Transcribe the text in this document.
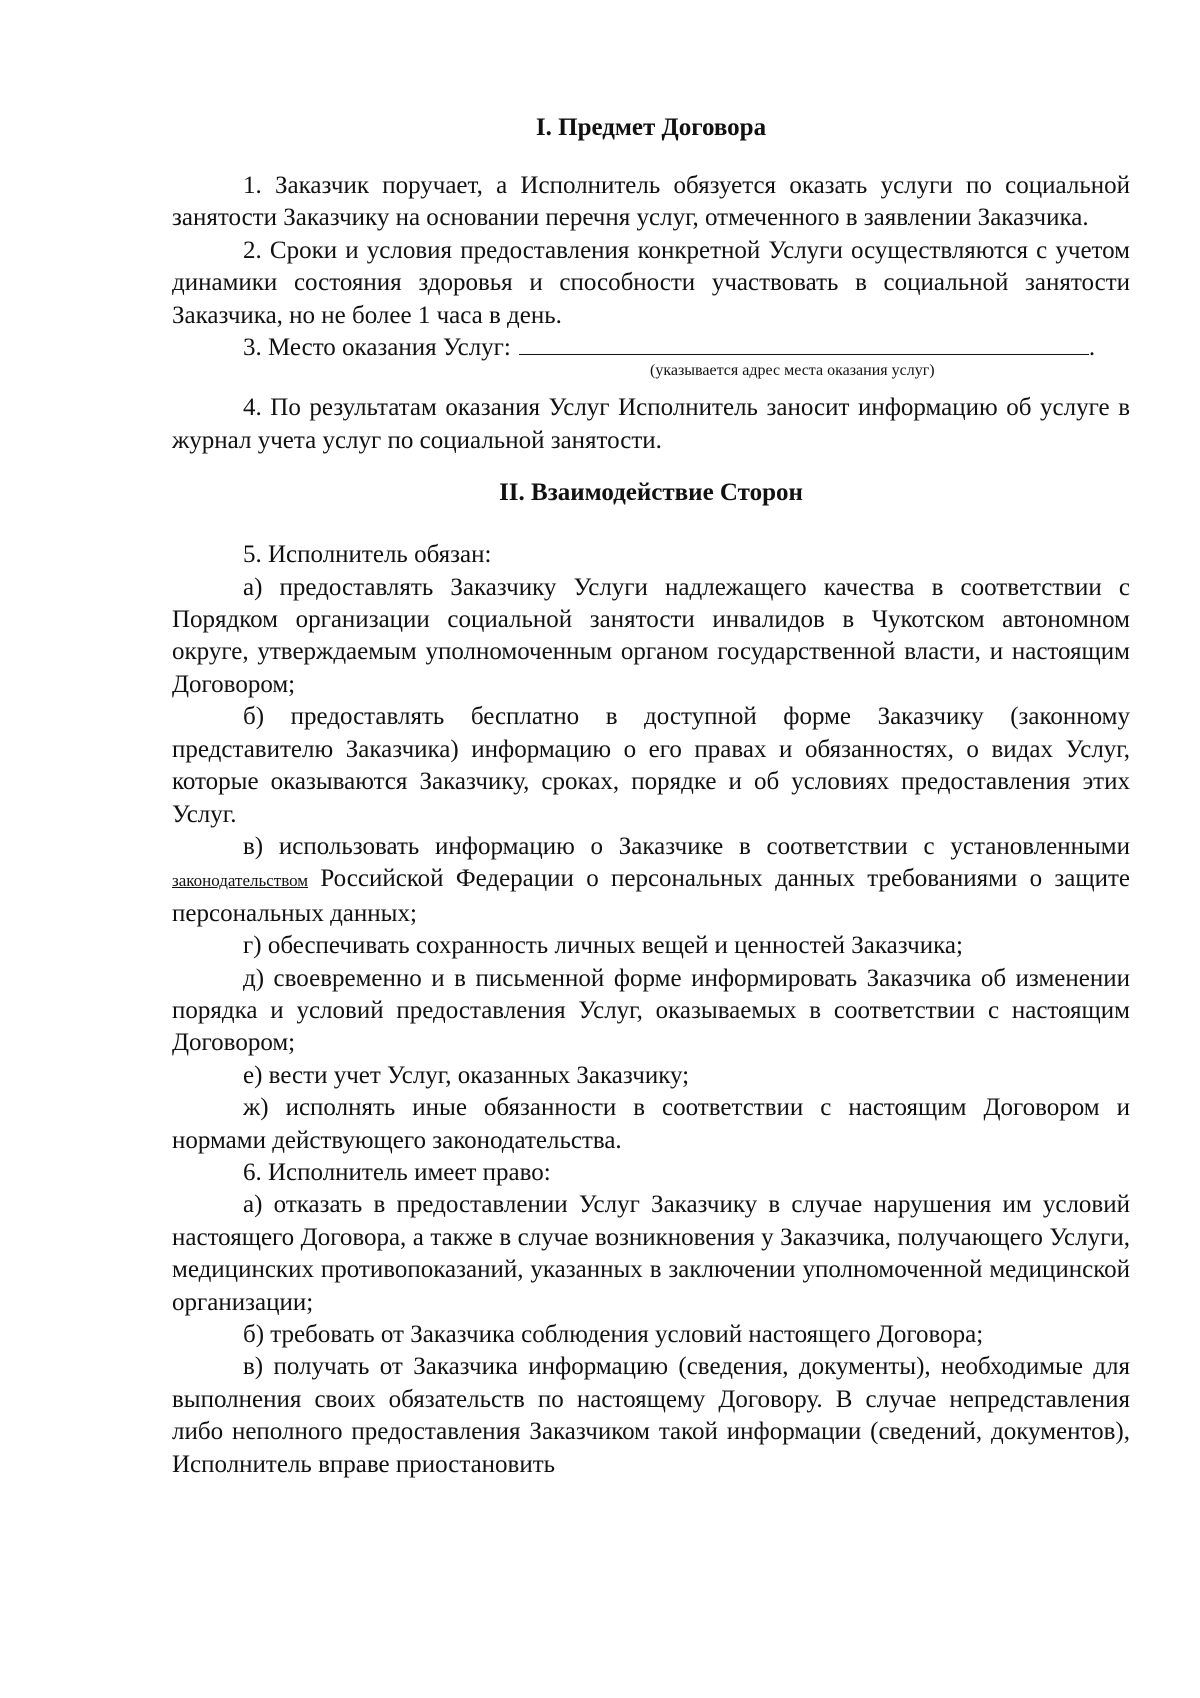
I. Предмет Договора

1. Заказчик поручает, а Исполнитель обязуется оказать услуги по социальной занятости Заказчику на основании перечня услуг, отмеченного в заявлении Заказчика.

2. Сроки и условия предоставления конкретной Услуги осуществляются с учетом динамики состояния здоровья и способности участвовать в социальной занятости Заказчика, но не более 1 часа в день.

3. Место оказания Услуг:	.

(указывается адрес места оказания услуг)

4. По результатам оказания Услуг Исполнитель заносит информацию об услуге в журнал учета услуг по социальной занятости.

II. Взаимодействие Сторон

5. Исполнитель обязан:

а) предоставлять Заказчику Услуги надлежащего качества в соответствии с Порядком организации социальной занятости инвалидов в Чукотском автономном округе, утверждаемым уполномоченным органом государственной власти, и настоящим Договором;

б) предоставлять бесплатно в доступной форме Заказчику (законному представителю Заказчика) информацию о его правах и обязанностях, о видах Услуг, которые оказываются Заказчику, сроках, порядке и об условиях предоставления этих Услуг.

в) использовать информацию о Заказчике в соответствии с установленными законодательством Российской Федерации о персональных данных требованиями о защите персональных данных;

г) обеспечивать сохранность личных вещей и ценностей Заказчика;

д) своевременно и в письменной форме информировать Заказчика об изменении порядка и условий предоставления Услуг, оказываемых в соответствии с настоящим Договором;

е) вести учет Услуг, оказанных Заказчику;

ж) исполнять иные обязанности в соответствии с настоящим Договором и нормами действующего законодательства.

6. Исполнитель имеет право:

а) отказать в предоставлении Услуг Заказчику в случае нарушения им условий настоящего Договора, а также в случае возникновения у Заказчика, получающего Услуги, медицинских противопоказаний, указанных в заключении уполномоченной медицинской организации;

б) требовать от Заказчика соблюдения условий настоящего Договора;

в) получать от Заказчика информацию (сведения, документы), необходимые для выполнения своих обязательств по настоящему Договору. В случае непредставления либо неполного предоставления Заказчиком такой информации (сведений, документов), Исполнитель вправе приостановить
